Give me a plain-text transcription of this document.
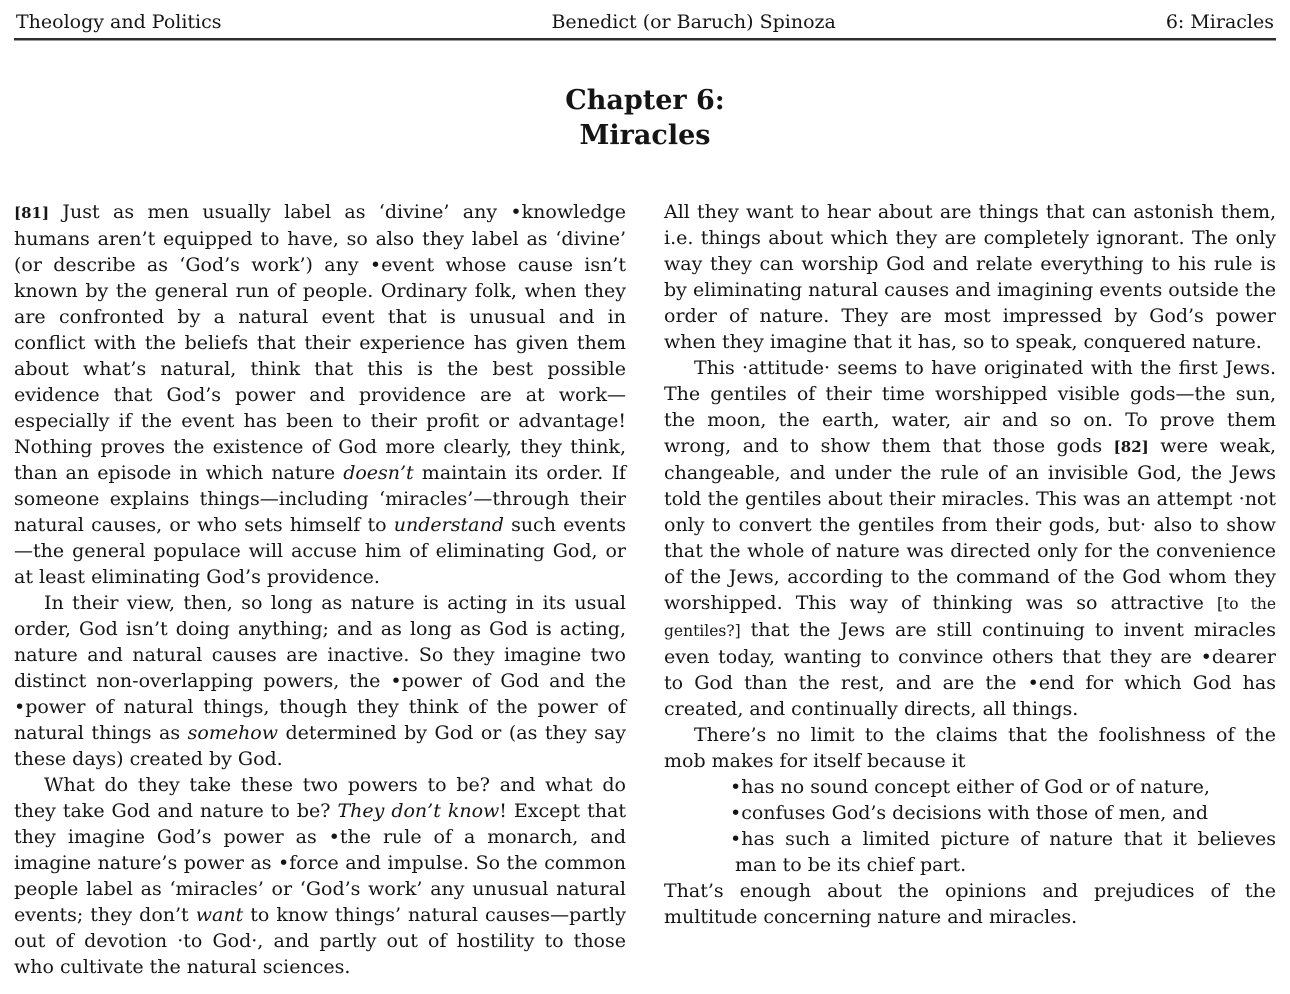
Theology and Politics	Benedict (or Baruch) Spinoza	6: Miracles
Chapter 6:
Miracles

[81] Just as men usually label as ‘divine’ any •knowledge humans aren’t equipped to have, so also they label as ‘divine’ (or describe as ‘God’s work’) any •event whose cause isn’t known by the general run of people. Ordinary folk, when they are confronted by a natural event that is unusual and in conflict with the beliefs that their experience has given them about what’s natural, think that this is the best possible evidence that God’s power and providence are at work—especially if the event has been to their profit or advantage! Nothing proves the existence of God more clearly, they think, than an episode in which nature doesn’t maintain its order. If someone explains things—including ‘miracles’—through their natural causes, or who sets himself to understand such events—the general populace will accuse him of eliminating God, or at least eliminating God’s providence.

In their view, then, so long as nature is acting in its usual order, God isn’t doing anything; and as long as God is acting, nature and natural causes are inactive. So they imagine two distinct non-overlapping powers, the •power of God and the •power of natural things, though they think of the power of natural things as somehow determined by God or (as they say these days) created by God.

What do they take these two powers to be? and what do they take God and nature to be? They don’t know! Except that they imagine God’s power as •the rule of a monarch, and imagine nature’s power as •force and impulse. So the common people label as ‘miracles’ or ‘God’s work’ any unusual natural events; they don’t want to know things’ natural causes—partly out of devotion ·to God·, and partly out of hostility to those who cultivate the natural sciences.

All they want to hear about are things that can astonish them, i.e. things about which they are completely ignorant. The only way they can worship God and relate everything to his rule is by eliminating natural causes and imagining events outside the order of nature. They are most impressed by God’s power when they imagine that it has, so to speak, conquered nature.

This ·attitude· seems to have originated with the first Jews. The gentiles of their time worshipped visible gods—the sun, the moon, the earth, water, air and so on. To prove them wrong, and to show them that those gods [82] were weak, changeable, and under the rule of an invisible God, the Jews told the gentiles about their miracles. This was an attempt ·not only to convert the gentiles from their gods, but· also to show that the whole of nature was directed only for the convenience of the Jews, according to the command of the God whom they worshipped. This way of thinking was so attractive [to the gentiles?] that the Jews are still continuing to invent miracles even today, wanting to convince others that they are •dearer to God than the rest, and are the •end for which God has created, and continually directs, all things.

There’s no limit to the claims that the foolishness of the mob makes for itself because it

•has no sound concept either of God or of nature,

•confuses God’s decisions with those of men, and

•has such a limited picture of nature that it believes man to be its chief part.

That’s enough about the opinions and prejudices of the multitude concerning nature and miracles.
